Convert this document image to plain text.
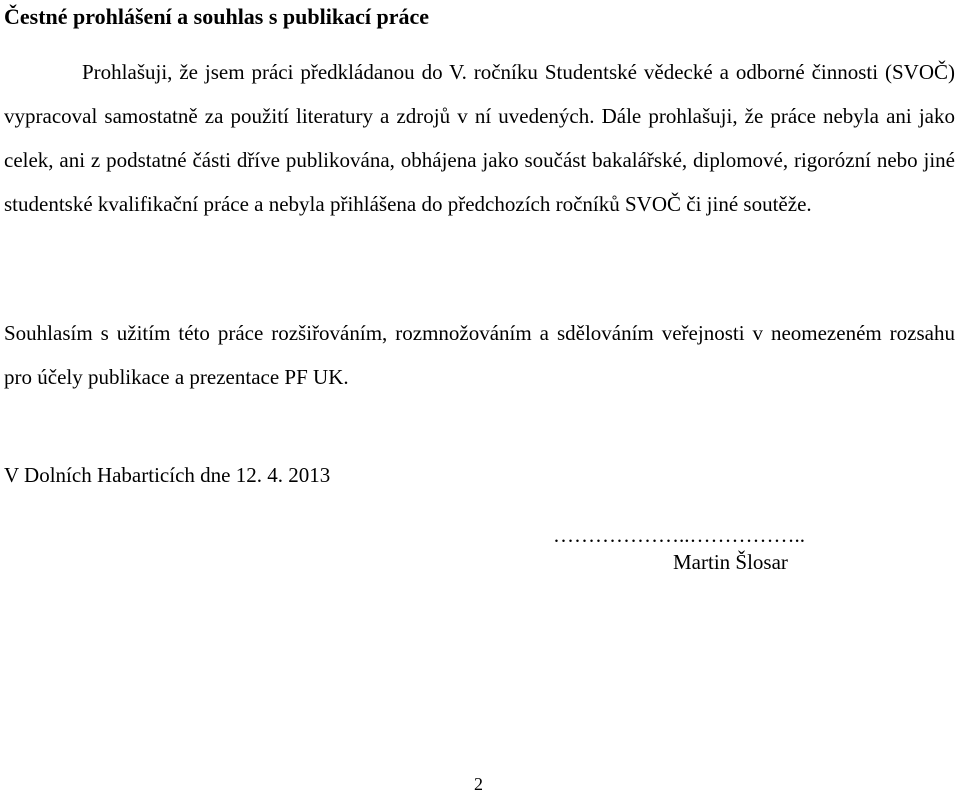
Čestné prohlášení a souhlas s publikací práce
Prohlašuji, že jsem práci předkládanou do V. ročníku Studentské vědecké a odborné činnosti (SVOČ) vypracoval samostatně za použití literatury a zdrojů v ní uvedených. Dále prohlašuji, že práce nebyla ani jako celek, ani z podstatné části dříve publikována, obhájena jako součást bakalářské, diplomové, rigorózní nebo jiné studentské kvalifikační práce a nebyla přihlášena do předchozích ročníků SVOČ či jiné soutěže.
Souhlasím s užitím této práce rozšiřováním, rozmnožováním a sdělováním veřejnosti v neomezeném rozsahu pro účely publikace a prezentace PF UK.
V Dolních Habarticích dne 12. 4. 2013
………………..……………..
Martin Šlosar
2
